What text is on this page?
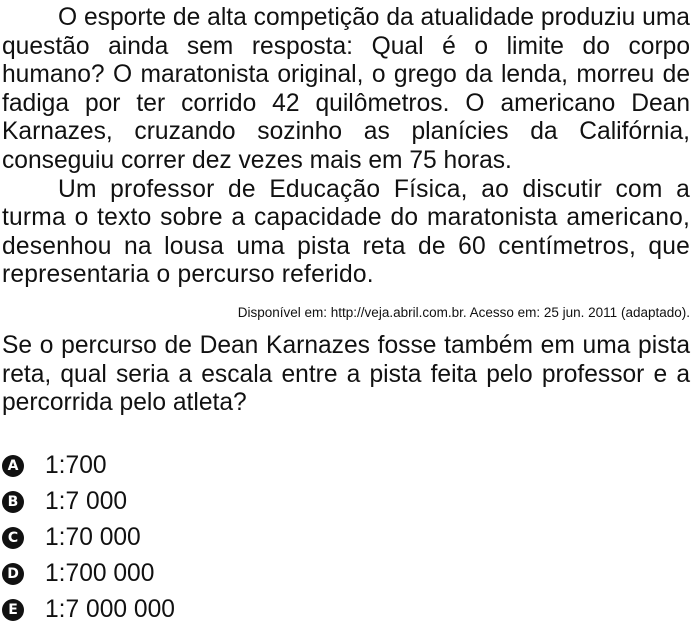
O esporte de alta competição da atualidade produziu uma questão ainda sem resposta: Qual é o limite do corpo humano? O maratonista original, o grego da lenda, morreu de fadiga por ter corrido 42 quilômetros. O americano Dean Karnazes, cruzando sozinho as planícies da Califórnia, conseguiu correr dez vezes mais em 75 horas.

Um professor de Educação Física, ao discutir com a turma o texto sobre a capacidade do maratonista americano, desenhou na lousa uma pista reta de 60 centímetros, que representaria o percurso referido.

Disponível em: http://veja.abril.com.br. Acesso em: 25 jun. 2011 (adaptado).

Se o percurso de Dean Karnazes fosse também em uma pista reta, qual seria a escala entre a pista feita pelo professor e a percorrida pelo atleta?

A 1:700
B 1:7 000
C 1:70 000
D 1:700 000
E 1:7 000 000
